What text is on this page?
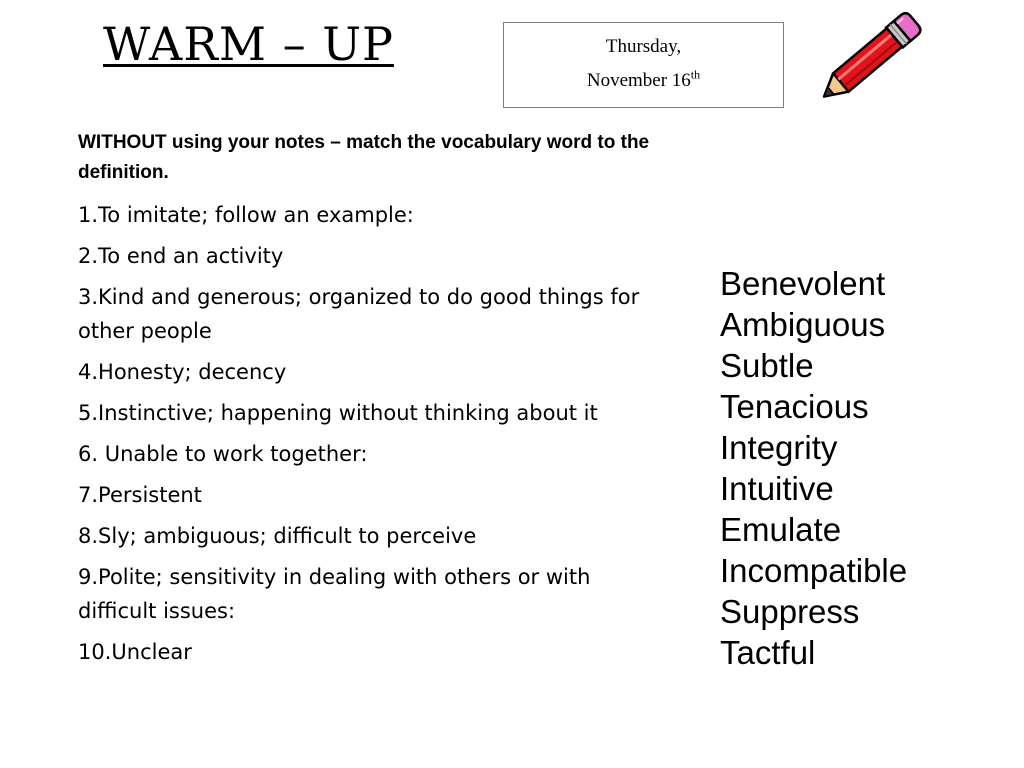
WARM – UP	Thursday,
November 16th

WITHOUT using your notes – match the vocabulary word to the definition.

1.To imitate; follow an example:
2.To end an activity
3.Kind and generous; organized to do good things for other people
4.Honesty; decency
5.Instinctive; happening without thinking about it
6. Unable to work together:
7.Persistent
8.Sly; ambiguous; difficult to perceive
9.Polite; sensitivity in dealing with others or with difficult issues:
10.Unclear
Benevolent
Ambiguous
Subtle
Tenacious
Integrity
Intuitive
Emulate
Incompatible
Suppress
Tactful
